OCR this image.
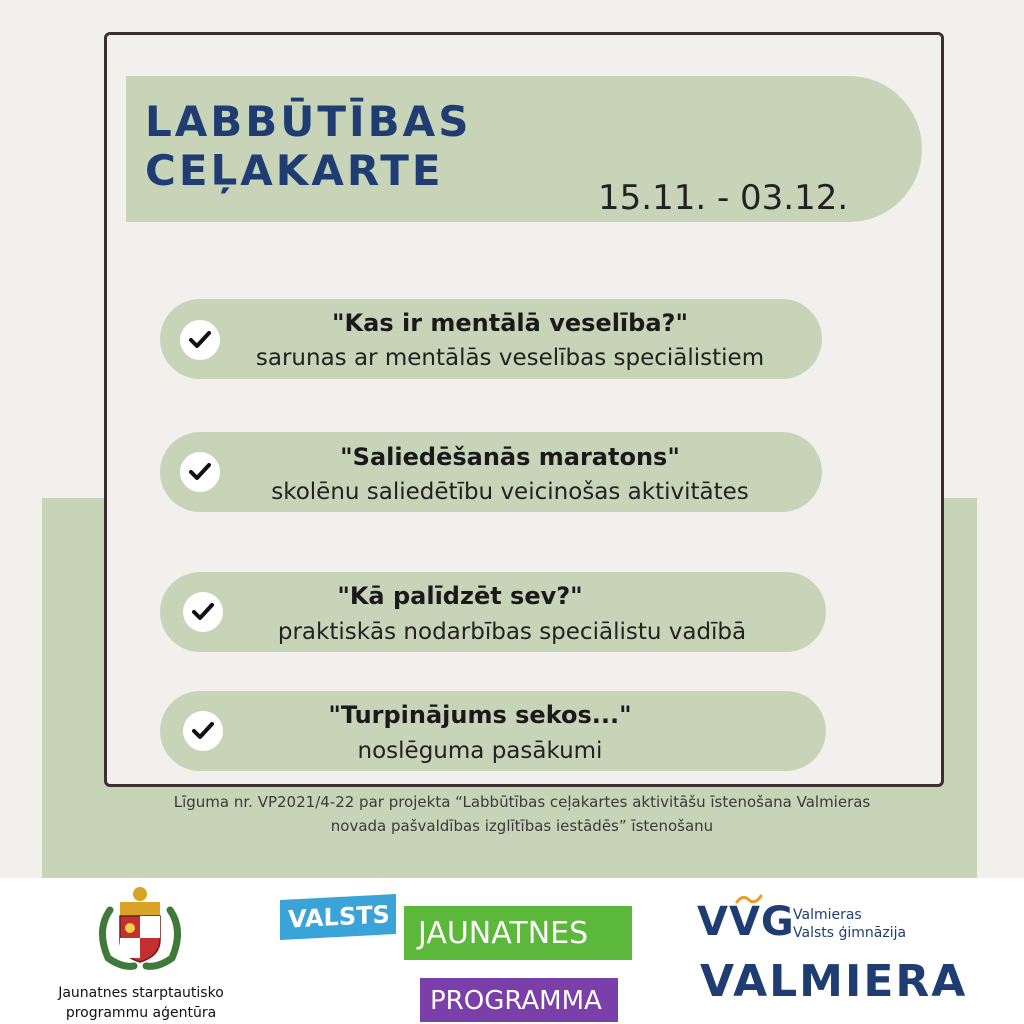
LABBŪTĪBAS
CEĻAKARTE
15.11. - 03.12.
"Kas ir mentālā veselība?"
sarunas ar mentālās veselības speciālistiem
"Saliedēšanās maratons"
skolēnu saliedētību veicinošas aktivitātes
"Kā palīdzēt sev?"
praktiskās nodarbības speciālistu vadībā
"Turpinājums sekos..."
noslēguma pasākumi
Līguma nr. VP2021/4-22 par projekta “Labbūtības ceļakartes aktivitāšu īstenošana Valmieras
novada pašvaldības izglītības iestādēs” īstenošanu
Jaunatnes starptautisko
programmu aģentūra
VALSTS JAUNATNES
PROGRAMMA
VVG
Valmieras
Valsts ģimnāzija
VALMIERA
